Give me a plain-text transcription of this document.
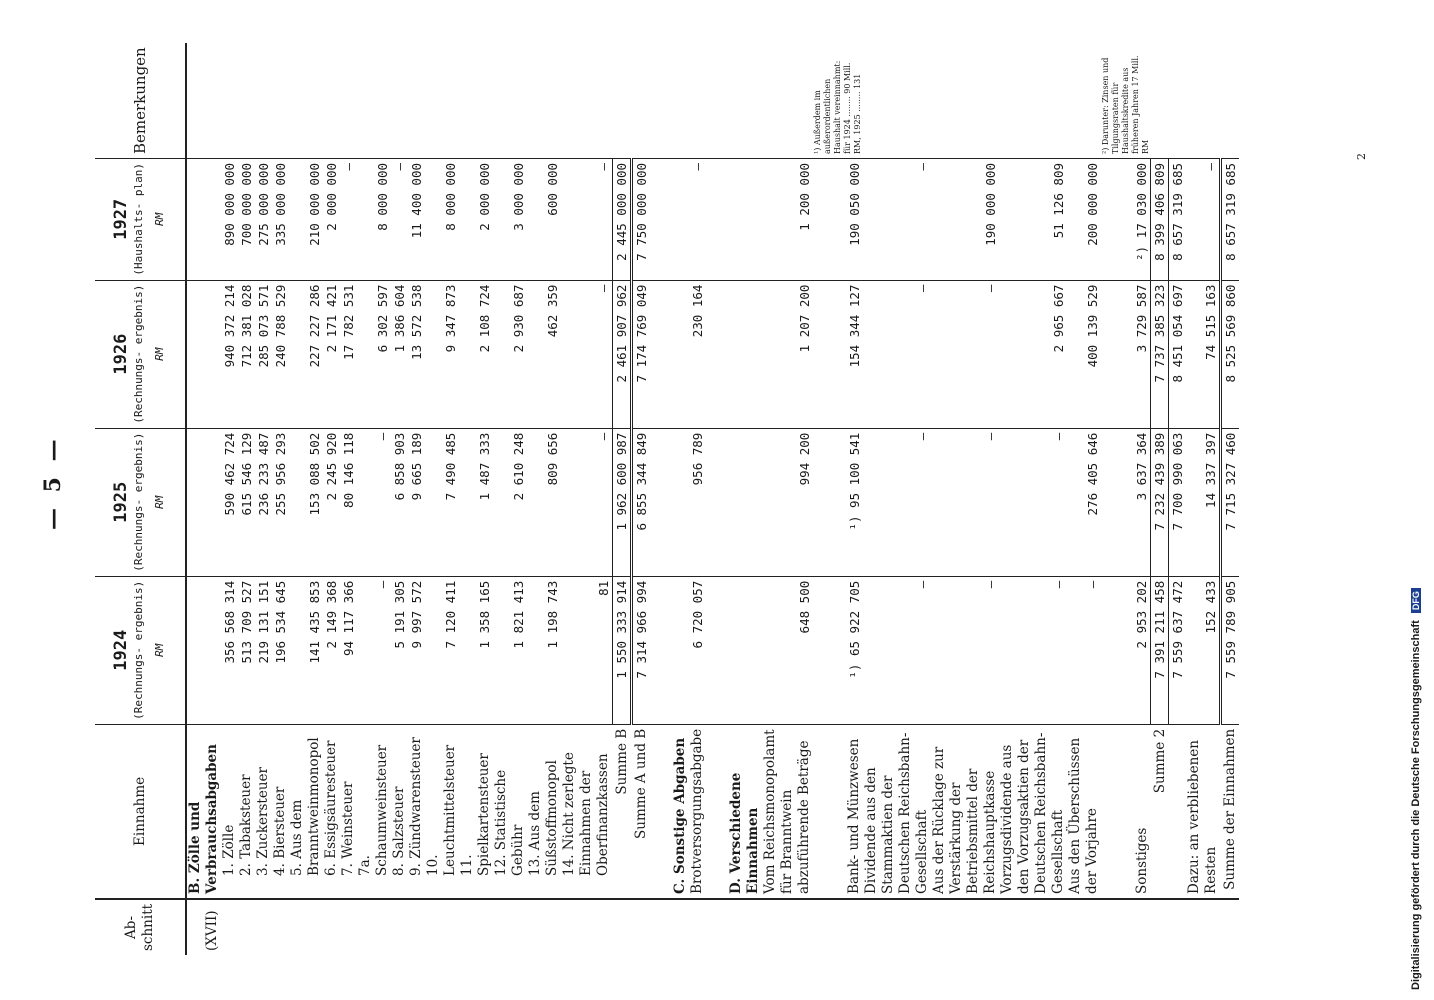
— 5 —
Ab- schnitt	Einnahme	1924 (Rechnungs- ergebnis) RM	1925 (Rechnungs- ergebnis) RM	1926 (Rechnungs- ergebnis) RM	1927 (Haushalts- plan) RM	Bemerkungen
(XVII)	B. Zölle und Verbrauchsabgaben					
	1. Zölle	356 568 314	590 462 724	940 372 214	890 000 000	
	2. Tabaksteuer	513 709 527	615 546 129	712 381 028	700 000 000	
	3. Zuckersteuer	219 131 151	236 233 487	285 073 571	275 000 000	
	4. Biersteuer	196 534 645	255 956 293	240 788 529	335 000 000	
	5. Aus dem Branntweinmonopol	141 435 853	153 088 502	227 227 286	210 000 000	
	6. Essigsäuresteuer	2 149 368	2 245 920	2 171 421	2 000 000	
	7. Weinsteuer	94 117 366	80 146 118	17 782 531	—	
	7a. Schaumweinsteuer	—	—	6 302 597	8 000 000	
	8. Salzsteuer	5 191 305	6 858 903	1 386 604	—	
	9. Zündwarensteuer	9 997 572	9 665 189	13 572 538	11 400 000	
	10. Leuchtmittelsteuer	7 120 411	7 490 485	9 347 873	8 000 000	
	11. Spielkartensteuer	1 358 165	1 487 333	2 108 724	2 000 000	
	12. Statistische Gebühr	1 821 413	2 610 248	2 930 687	3 000 000	
	13. Aus dem Süßstoffmonopol	1 198 743	809 656	462 359	600 000	
	14. Nicht zerlegte Einnahmen der Oberfinanzkassen	81	—	—	—	
	Summe B	1 550 333 914	1 962 600 987	2 461 907 962	2 445 000 000	
	Summe A und B	7 314 966 994	6 855 344 849	7 174 769 049	7 750 000 000	

	C. Sonstige Abgaben					
	Brotversorgungsabgabe	6 720 057	956 789	230 164	—	

	D. Verschiedene Einnahmen					
	Vom Reichsmonopolamt für Branntwein abzuführende Beträge	648 500	994 200	1 207 200	1 200 000	
	Bank- und Münzwesen	¹) 65 922 705	¹) 95 100 541	154 344 127	190 050 000	¹) Außerdem im außerordentlichen Haushalt vereinnahmt: für 1924 ........ 90 Mill. RM, 1925 ........ 131
	Dividende aus den Stammaktien der Deutschen Reichsbahn-Gesellschaft	—	—	—	—	
	Aus der Rücklage zur Verstärkung der Betriebsmittel der Reichshauptkasse	—	—	—	190 000 000	
	Vorzugsdividende aus den Vorzugsaktien der Deutschen Reichsbahn-Gesellschaft	—	—	2 965 667	51 126 809	
	Aus den Überschüssen der Vorjahre	—	276 405 646	400 139 529	200 000 000	
	Sonstiges	2 953 202	3 637 364	3 729 587	²) 17 030 000	²) Darunter: Zinsen und Tilgungsraten für Haushaltskredite aus früheren Jahren 17 Mill. RM
	Summe 2	7 391 211 458	7 232 439 389	7 737 385 323	8 399 406 809	
		7 559 637 472	7 700 990 063	8 451 054 697	8 657 319 685	
	Dazu: an verbliebenen Resten	152 433	14 337 397	74 515 163	—	
	Summe der Einnahmen	7 559 789 905	7 715 327 460	8 525 569 860	8 657 319 685	
2
Digitalisierung gefördert durch die Deutsche Forschungsgemeinschaft DFG
